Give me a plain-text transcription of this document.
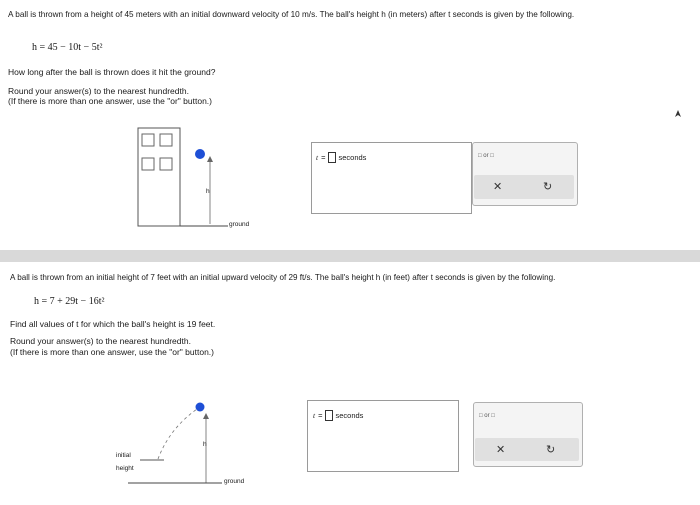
A ball is thrown from a height of 45 meters with an initial downward velocity of 10 m/s. The ball's height h (in meters) after t seconds is given by the following.
h = 45 − 10t − 5t²
How long after the ball is thrown does it hit the ground?
Round your answer(s) to the nearest hundredth.
(If there is more than one answer, use the "or" button.)
h
ground
t = seconds	□ or □
✕	↻
A ball is thrown from an initial height of 7 feet with an initial upward velocity of 29 ft/s. The ball's height h (in feet) after t seconds is given by the following.
h = 7 + 29t − 16t²
Find all values of t for which the ball's height is 19 feet.
Round your answer(s) to the nearest hundredth.
(If there is more than one answer, use the "or" button.)
initial
height
h
ground
t = seconds	□ or □
✕	↻
